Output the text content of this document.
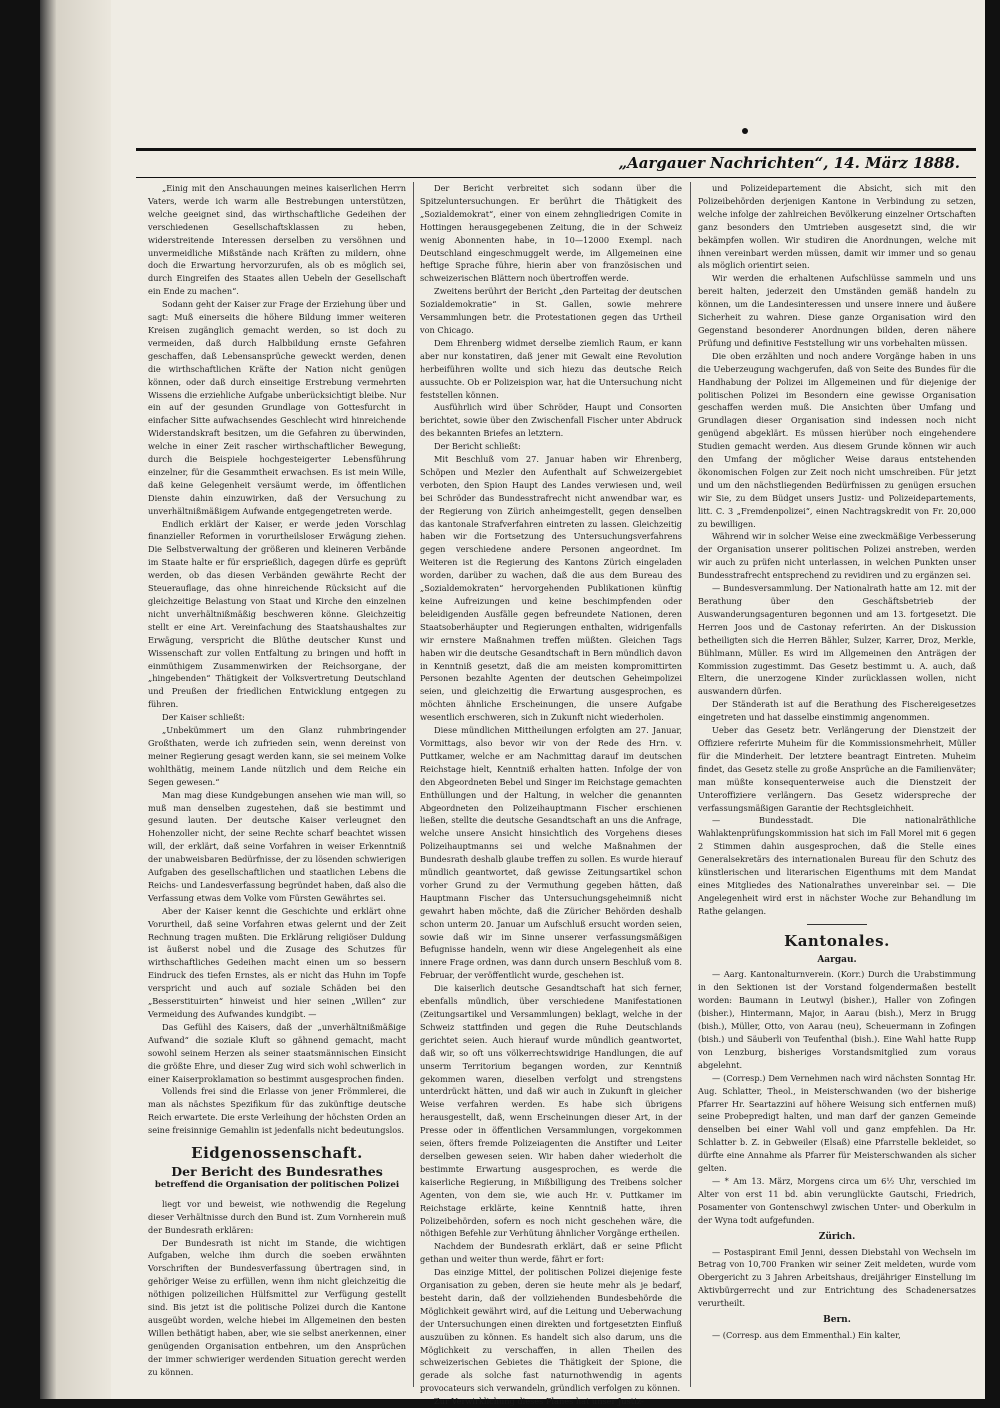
„Aargauer Nachrichten“, 14. März 1888.

„Einig mit den Anschauungen meines kaiserlichen Herrn Vaters, werde ich warm alle Bestrebungen unterstützen, welche geeignet sind, das wirthschaftliche Gedeihen der verschiedenen Gesellschaftsklassen zu heben, widerstreitende Interessen derselben zu versöhnen und unvermeidliche Mißstände nach Kräften zu mildern, ohne doch die Erwartung hervorzurufen, als ob es möglich sei, durch Eingreifen des Staates allen Uebeln der Gesellschaft ein Ende zu machen“.

Sodann geht der Kaiser zur Frage der Erziehung über und sagt: Muß einerseits die höhere Bildung immer weiteren Kreisen zugänglich gemacht werden, so ist doch zu vermeiden, daß durch Halbbildung ernste Gefahren geschaffen, daß Lebensansprüche geweckt werden, denen die wirthschaftlichen Kräfte der Nation nicht genügen können, oder daß durch einseitige Erstrebung vermehrten Wissens die erziehliche Aufgabe unberücksichtigt bleibe. Nur ein auf der gesunden Grundlage von Gottesfurcht in einfacher Sitte aufwachsendes Geschlecht wird hinreichende Widerstandskraft besitzen, um die Gefahren zu überwinden, welche in einer Zeit rascher wirthschaftlicher Bewegung, durch die Beispiele hochgesteigerter Lebensführung einzelner, für die Gesammtheit erwachsen. Es ist mein Wille, daß keine Gelegenheit versäumt werde, im öffentlichen Dienste dahin einzuwirken, daß der Versuchung zu unverhältnißmäßigem Aufwande entgegengetreten werde.

Endlich erklärt der Kaiser, er werde jeden Vorschlag finanzieller Reformen in vorurtheilsloser Erwägung ziehen. Die Selbstverwaltung der größeren und kleineren Verbände im Staate halte er für ersprießlich, dagegen dürfe es geprüft werden, ob das diesen Verbänden gewährte Recht der Steuerauflage, das ohne hinreichende Rücksicht auf die gleichzeitige Belastung von Staat und Kirche den einzelnen nicht unverhältnißmäßig beschweren könne. Gleichzeitig stellt er eine Art. Vereinfachung des Staatshaushaltes zur Erwägung, verspricht die Blüthe deutscher Kunst und Wissenschaft zur vollen Entfaltung zu bringen und hofft in einmüthigem Zusammenwirken der Reichsorgane, der „hingebenden“ Thätigkeit der Volksvertretung Deutschland und Preußen der friedlichen Entwicklung entgegen zu führen.

Der Kaiser schließt:

„Unbekümmert um den Glanz ruhmbringender Großthaten, werde ich zufrieden sein, wenn dereinst von meiner Regierung gesagt werden kann, sie sei meinem Volke wohlthätig, meinem Lande nützlich und dem Reiche ein Segen gewesen.“

Man mag diese Kundgebungen ansehen wie man will, so muß man denselben zugestehen, daß sie bestimmt und gesund lauten. Der deutsche Kaiser verleugnet den Hohenzoller nicht, der seine Rechte scharf beachtet wissen will, der erklärt, daß seine Vorfahren in weiser Erkenntniß der unabweisbaren Bedürfnisse, der zu lösenden schwierigen Aufgaben des gesellschaftlichen und staatlichen Lebens die Reichs- und Landesverfassung begründet haben, daß also die Verfassung etwas dem Volke vom Fürsten Gewährtes sei.

Aber der Kaiser kennt die Geschichte und erklärt ohne Vorurtheil, daß seine Vorfahren etwas gelernt und der Zeit Rechnung tragen mußten. Die Erklärung religiöser Duldung ist äußerst nobel und die Zusage des Schutzes für wirthschaftliches Gedeihen macht einen um so bessern Eindruck des tiefen Ernstes, als er nicht das Huhn im Topfe verspricht und auch auf soziale Schäden bei den „Besserstituirten“ hinweist und hier seinen „Willen“ zur Vermeidung des Aufwandes kundgibt. —

Das Gefühl des Kaisers, daß der „unverhältnißmäßige Aufwand“ die soziale Kluft so gähnend gemacht, macht sowohl seinem Herzen als seiner staatsmännischen Einsicht die größte Ehre, und dieser Zug wird sich wohl schwerlich in einer Kaiserproklamation so bestimmt ausgesprochen finden.

Vollends frei sind die Erlasse von jener Frömmlerei, die man als nächstes Spezifikum für das zukünftige deutsche Reich erwartete. Die erste Verleihung der höchsten Orden an seine freisinnige Gemahlin ist jedenfalls nicht bedeutungslos.

Eidgenossenschaft.
Der Bericht des Bundesrathes
betreffend die Organisation der politischen Polizei

liegt vor und beweist, wie nothwendig die Regelung dieser Verhältnisse durch den Bund ist. Zum Vornherein muß der Bundesrath erklären:

Der Bundesrath ist nicht im Stande, die wichtigen Aufgaben, welche ihm durch die soeben erwähnten Vorschriften der Bundesverfassung übertragen sind, in gehöriger Weise zu erfüllen, wenn ihm nicht gleichzeitig die nöthigen polizeilichen Hülfsmittel zur Verfügung gestellt sind. Bis jetzt ist die politische Polizei durch die Kantone ausgeübt worden, welche hiebei im Allgemeinen den besten Willen bethätigt haben, aber, wie sie selbst anerkennen, einer genügenden Organisation entbehren, um den Ansprüchen der immer schwieriger werdenden Situation gerecht werden zu können.

Der Bericht verbreitet sich sodann über die Spitzeluntersuchungen. Er berührt die Thätigkeit des „Sozialdemokrat“, einer von einem zehngliedrigen Comite in Hottingen herausgegebenen Zeitung, die in der Schweiz wenig Abonnenten habe, in 10—12000 Exempl. nach Deutschland eingeschmuggelt werde, im Allgemeinen eine heftige Sprache führe, hierin aber von französischen und schweizerischen Blättern noch übertroffen werde.

Zweitens berührt der Bericht „den Parteitag der deutschen Sozialdemokratie“ in St. Gallen, sowie mehrere Versammlungen betr. die Protestationen gegen das Urtheil von Chicago.

Dem Ehrenberg widmet derselbe ziemlich Raum, er kann aber nur konstatiren, daß jener mit Gewalt eine Revolution herbeiführen wollte und sich hiezu das deutsche Reich aussuchte. Ob er Polizeispion war, hat die Untersuchung nicht feststellen können.

Ausführlich wird über Schröder, Haupt und Consorten berichtet, sowie über den Zwischenfall Fischer unter Abdruck des bekannten Briefes an letztern.

Der Bericht schließt:

Mit Beschluß vom 27. Januar haben wir Ehrenberg, Schöpen und Mezler den Aufenthalt auf Schweizergebiet verboten, den Spion Haupt des Landes verwiesen und, weil bei Schröder das Bundesstrafrecht nicht anwendbar war, es der Regierung von Zürich anheimgestellt, gegen denselben das kantonale Strafverfahren eintreten zu lassen. Gleichzeitig haben wir die Fortsetzung des Untersuchungsverfahrens gegen verschiedene andere Personen angeordnet. Im Weiteren ist die Regierung des Kantons Zürich eingeladen worden, darüber zu wachen, daß die aus dem Bureau des „Sozialdemokraten“ hervorgehenden Publikationen künftig keine Aufreizungen und keine beschimpfenden oder beleidigenden Ausfälle gegen befreundete Nationen, deren Staatsoberhäupter und Regierungen enthalten, widrigenfalls wir ernstere Maßnahmen treffen müßten. Gleichen Tags haben wir die deutsche Gesandtschaft in Bern mündlich davon in Kenntniß gesetzt, daß die am meisten kompromittirten Personen bezahlte Agenten der deutschen Geheimpolizei seien, und gleichzeitig die Erwartung ausgesprochen, es möchten ähnliche Erscheinungen, die unsere Aufgabe wesentlich erschweren, sich in Zukunft nicht wiederholen.

Diese mündlichen Mittheilungen erfolgten am 27. Januar, Vormittags, also bevor wir von der Rede des Hrn. v. Puttkamer, welche er am Nachmittag darauf im deutschen Reichstage hielt, Kenntniß erhalten hatten. Infolge der von den Abgeordneten Bebel und Singer im Reichstage gemachten Enthüllungen und der Haltung, in welcher die genannten Abgeordneten den Polizeihauptmann Fischer erschienen ließen, stellte die deutsche Gesandtschaft an uns die Anfrage, welche unsere Ansicht hinsichtlich des Vorgehens dieses Polizeihauptmanns sei und welche Maßnahmen der Bundesrath deshalb glaube treffen zu sollen. Es wurde hierauf mündlich geantwortet, daß gewisse Zeitungsartikel schon vorher Grund zu der Vermuthung gegeben hätten, daß Hauptmann Fischer das Untersuchungsgeheimniß nicht gewahrt haben möchte, daß die Züricher Behörden deshalb schon unterm 20. Januar um Aufschluß ersucht worden seien, sowie daß wir im Sinne unserer verfassungsmäßigen Befugnisse handeln, wenn wir diese Angelegenheit als eine innere Frage ordnen, was dann durch unsern Beschluß vom 8. Februar, der veröffentlicht wurde, geschehen ist.

Die kaiserlich deutsche Gesandtschaft hat sich ferner, ebenfalls mündlich, über verschiedene Manifestationen (Zeitungsartikel und Versammlungen) beklagt, welche in der Schweiz stattfinden und gegen die Ruhe Deutschlands gerichtet seien. Auch hierauf wurde mündlich geantwortet, daß wir, so oft uns völkerrechtswidrige Handlungen, die auf unserm Territorium begangen worden, zur Kenntniß gekommen waren, dieselben verfolgt und strengstens unterdrückt hätten, und daß wir auch in Zukunft in gleicher Weise verfahren werden. Es habe sich übrigens herausgestellt, daß, wenn Erscheinungen dieser Art, in der Presse oder in öffentlichen Versammlungen, vorgekommen seien, öfters fremde Polizeiagenten die Anstifter und Leiter derselben gewesen seien. Wir haben daher wiederholt die bestimmte Erwartung ausgesprochen, es werde die kaiserliche Regierung, in Mißbilligung des Treibens solcher Agenten, von dem sie, wie auch Hr. v. Puttkamer im Reichstage erklärte, keine Kenntniß hatte, ihren Polizeibehörden, sofern es noch nicht geschehen wäre, die nöthigen Befehle zur Verhütung ähnlicher Vorgänge ertheilen.

Nachdem der Bundesrath erklärt, daß er seine Pflicht gethan und weiter thun werde, fährt er fort:

Das einzige Mittel, der politischen Polizei diejenige feste Organisation zu geben, deren sie heute mehr als je bedarf, besteht darin, daß der vollziehenden Bundesbehörde die Möglichkeit gewährt wird, auf die Leitung und Ueberwachung der Untersuchungen einen direkten und fortgesetzten Einfluß auszuüben zu können. Es handelt sich also darum, uns die Möglichkeit zu verschaffen, in allen Theilen des schweizerischen Gebietes die Thätigkeit der Spione, die gerade als solche fast naturnothwendig in agents provocateurs sich verwandeln, gründlich verfolgen zu können.

Zur Verwirklichung dieses Planes hat unser Justiz-

und Polizeidepartement die Absicht, sich mit den Polizeibehörden derjenigen Kantone in Verbindung zu setzen, welche infolge der zahlreichen Bevölkerung einzelner Ortschaften ganz besonders den Umtrieben ausgesetzt sind, die wir bekämpfen wollen. Wir studiren die Anordnungen, welche mit ihnen vereinbart werden müssen, damit wir immer und so genau als möglich orientirt seien.

Wir werden die erhaltenen Aufschlüsse sammeln und uns bereit halten, jederzeit den Umständen gemäß handeln zu können, um die Landesinteressen und unsere innere und äußere Sicherheit zu wahren. Diese ganze Organisation wird den Gegenstand besonderer Anordnungen bilden, deren nähere Prüfung und definitive Feststellung wir uns vorbehalten müssen.

Die oben erzählten und noch andere Vorgänge haben in uns die Ueberzeugung wachgerufen, daß von Seite des Bundes für die Handhabung der Polizei im Allgemeinen und für diejenige der politischen Polizei im Besondern eine gewisse Organisation geschaffen werden muß. Die Ansichten über Umfang und Grundlagen dieser Organisation sind indessen noch nicht genügend abgeklärt. Es müssen hierüber noch eingehendere Studien gemacht werden. Aus diesem Grunde können wir auch den Umfang der möglicher Weise daraus entstehenden ökonomischen Folgen zur Zeit noch nicht umschreiben. Für jetzt und um den nächstliegenden Bedürfnissen zu genügen ersuchen wir Sie, zu dem Büdget unsers Justiz- und Polizeidepartements, litt. C. 3 „Fremdenpolizei“, einen Nachtragskredit von Fr. 20,000 zu bewilligen.

Während wir in solcher Weise eine zweckmäßige Verbesserung der Organisation unserer politischen Polizei anstreben, werden wir auch zu prüfen nicht unterlassen, in welchen Punkten unser Bundesstrafrecht entsprechend zu revidiren und zu ergänzen sei.

— Bundesversammlung. Der Nationalrath hatte am 12. mit der Berathung über den Geschäftsbetrieb der Auswanderungsagenturen begonnen und am 13. fortgesetzt. Die Herren Joos und de Castonay referirten. An der Diskussion betheiligten sich die Herren Bähler, Sulzer, Karrer, Droz, Merkle, Bühlmann, Müller. Es wird im Allgemeinen den Anträgen der Kommission zugestimmt. Das Gesetz bestimmt u. A. auch, daß Eltern, die unerzogene Kinder zurücklassen wollen, nicht auswandern dürfen.

Der Ständerath ist auf die Berathung des Fischereigesetzes eingetreten und hat dasselbe einstimmig angenommen.

Ueber das Gesetz betr. Verlängerung der Dienstzeit der Offiziere referirte Muheim für die Kommissionsmehrheit, Müller für die Minderheit. Der letztere beantragt Eintreten. Muheim findet, das Gesetz stelle zu große Ansprüche an die Familienväter; man müßte konsequenterweise auch die Dienstzeit der Unteroffiziere verlängern. Das Gesetz widerspreche der verfassungsmäßigen Garantie der Rechtsgleichheit.

— Bundesstadt. Die nationalräthliche Wahlaktenprüfungskommission hat sich im Fall Morel mit 6 gegen 2 Stimmen dahin ausgesprochen, daß die Stelle eines Generalsekretärs des internationalen Bureau für den Schutz des künstlerischen und literarischen Eigenthums mit dem Mandat eines Mitgliedes des Nationalrathes unvereinbar sei. — Die Angelegenheit wird erst in nächster Woche zur Behandlung im Rathe gelangen.

Kantonales.
Aargau.

— Aarg. Kantonalturnverein. (Korr.) Durch die Urabstimmung in den Sektionen ist der Vorstand folgendermaßen bestellt worden: Baumann in Leutwyl (bisher.), Haller von Zofingen (bisher.), Hintermann, Major, in Aarau (bish.), Merz in Brugg (bish.), Müller, Otto, von Aarau (neu), Scheuermann in Zofingen (bish.) und Säuberli von Teufenthal (bish.). Eine Wahl hatte Rupp von Lenzburg, bisheriges Vorstandsmitglied zum voraus abgelehnt.

— (Corresp.) Dem Vernehmen nach wird nächsten Sonntag Hr. Aug. Schlatter, Theol., in Meisterschwanden (wo der bisherige Pfarrer Hr. Seartazzini auf höhere Weisung sich entfernen muß) seine Probepredigt halten, und man darf der ganzen Gemeinde denselben bei einer Wahl voll und ganz empfehlen. Da Hr. Schlatter b. Z. in Gebweiler (Elsaß) eine Pfarrstelle bekleidet, so dürfte eine Annahme als Pfarrer für Meisterschwanden als sicher gelten.

— * Am 13. März, Morgens circa um 6½ Uhr, verschied im Alter von erst 11 bd. abin verunglückte Gautschi, Friedrich, Posamenter von Gontenschwyl zwischen Unter- und Oberkulm in der Wyna todt aufgefunden.

Zürich.

— Postaspirant Emil Jenni, dessen Diebstahl von Wechseln im Betrag von 10,700 Franken wir seiner Zeit meldeten, wurde vom Obergericht zu 3 Jahren Arbeitshaus, dreijähriger Einstellung im Aktivbürgerrecht und zur Entrichtung des Schadenersatzes verurtheilt.

Bern.

— (Corresp. aus dem Emmenthal.) Ein kalter,
